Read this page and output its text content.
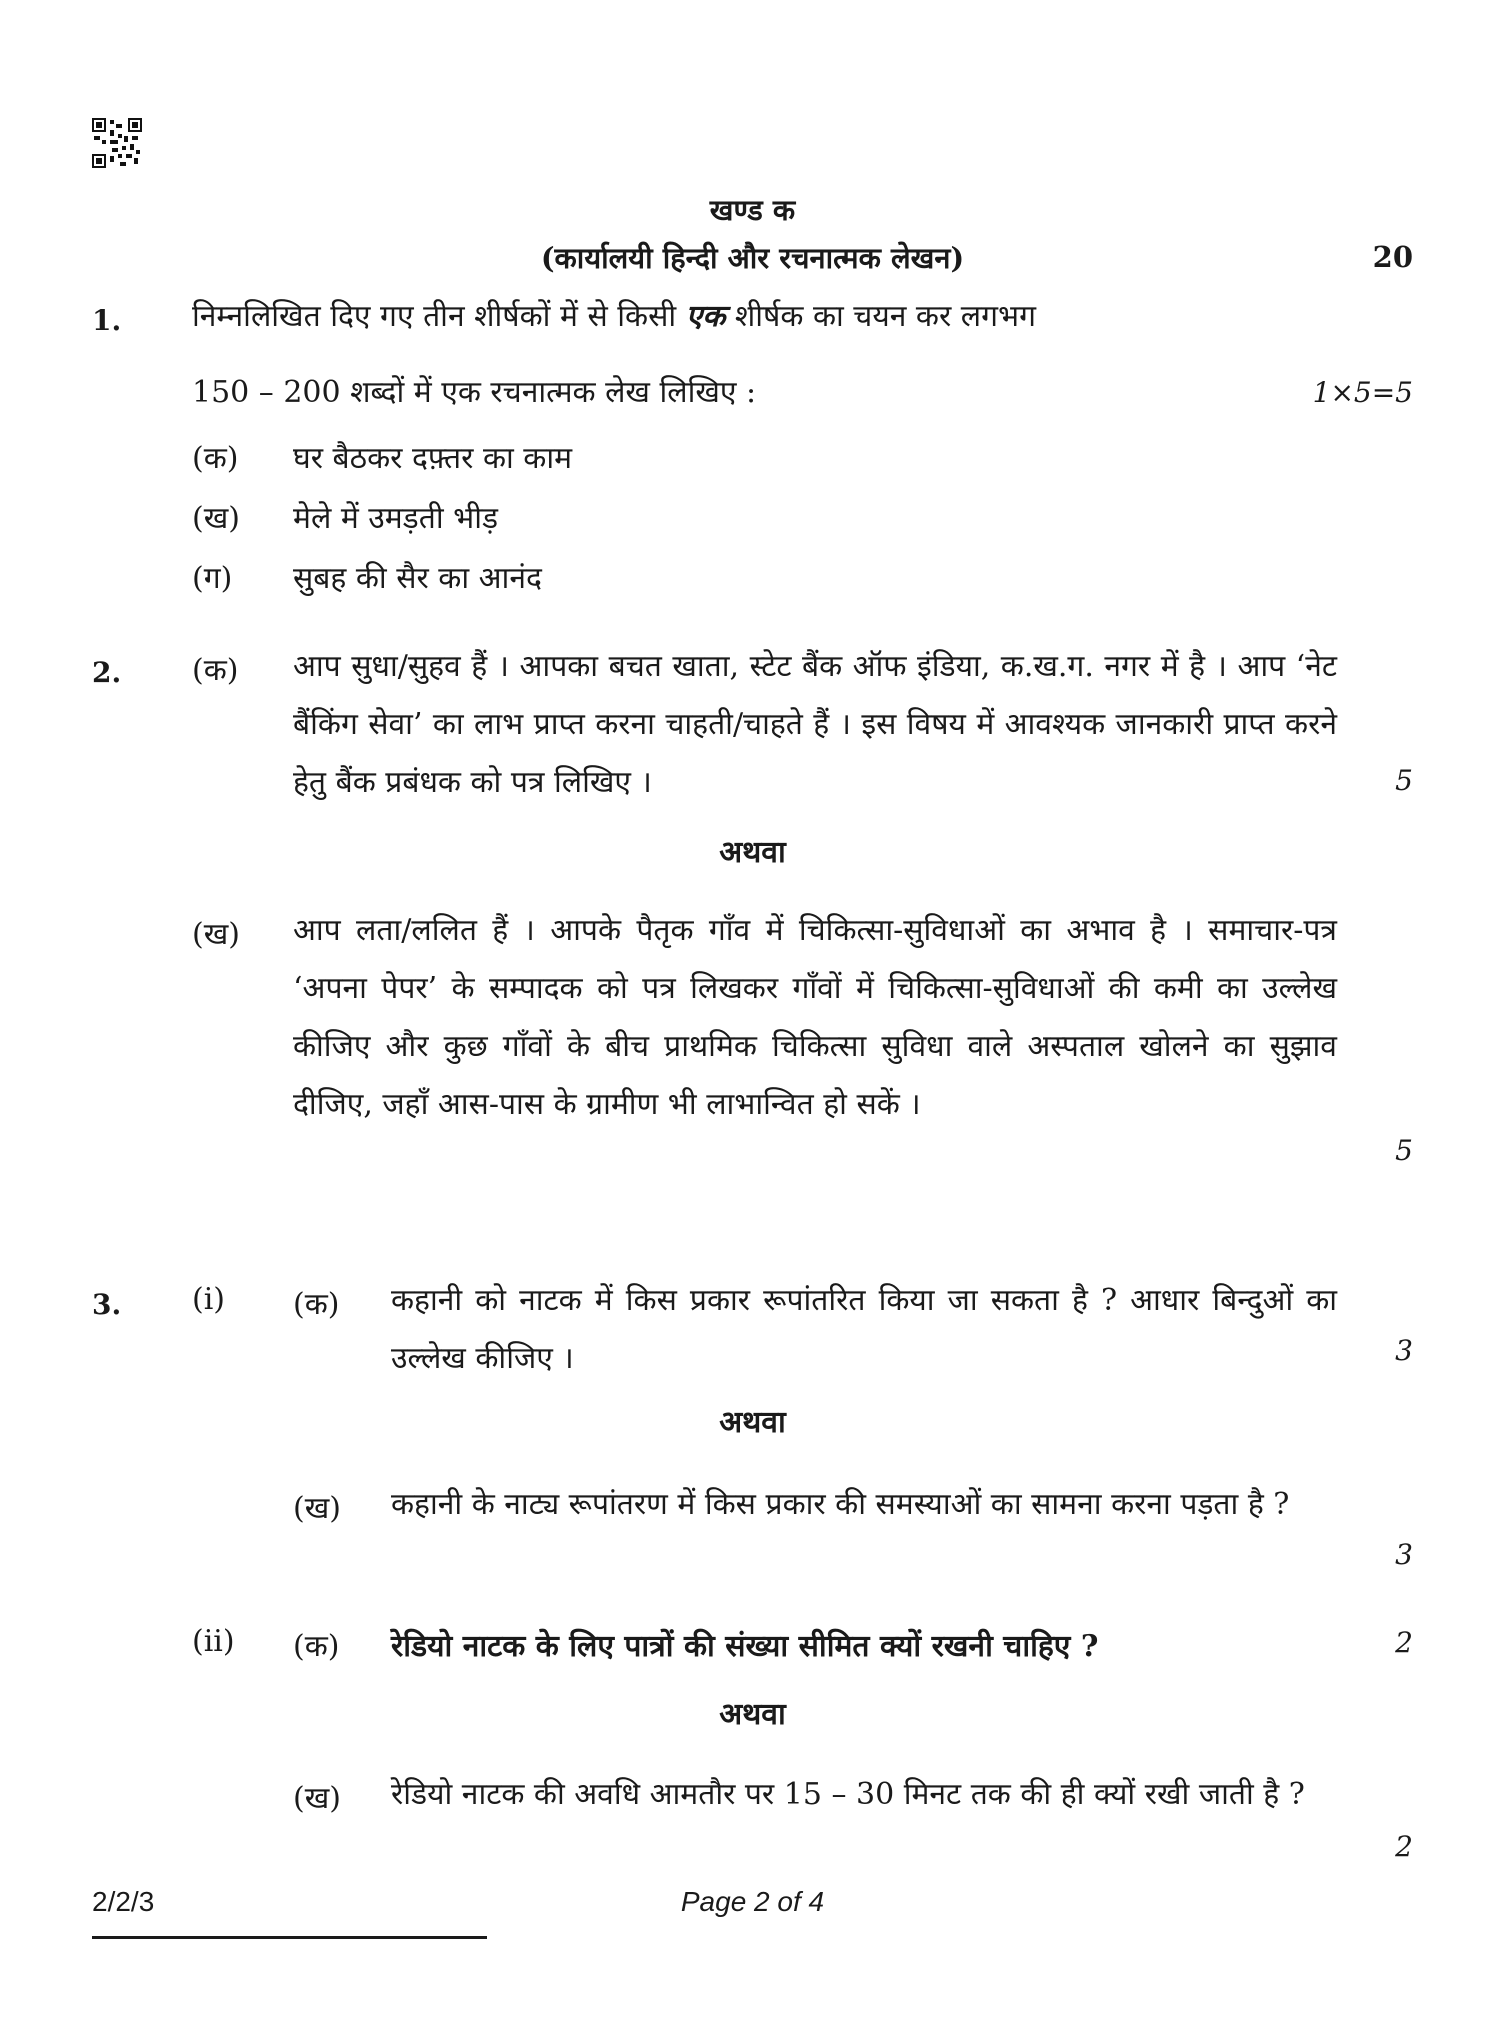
खण्ड क
(कार्यालयी हिन्दी और रचनात्मक लेखन)	20
1. निम्नलिखित दिए गए तीन शीर्षकों में से किसी एक शीर्षक का चयन कर लगभग
150 – 200 शब्दों में एक रचनात्मक लेख लिखिए :	1×5=5
(क) घर बैठकर दफ़्तर का काम
(ख) मेले में उमड़ती भीड़
(ग) सुबह की सैर का आनंद
2. (क) आप सुधा/सुहव हैं । आपका बचत खाता, स्टेट बैंक ऑफ इंडिया, क.ख.ग. नगर में है । आप ‘नेट बैंकिंग सेवा’ का लाभ प्राप्त करना चाहती/चाहते हैं । इस विषय में आवश्यक जानकारी प्राप्त करने हेतु बैंक प्रबंधक को पत्र लिखिए ।	5
अथवा
(ख) आप लता/ललित हैं । आपके पैतृक गाँव में चिकित्सा-सुविधाओं का अभाव है । समाचार-पत्र ‘अपना पेपर’ के सम्पादक को पत्र लिखकर गाँवों में चिकित्सा-सुविधाओं की कमी का उल्लेख कीजिए और कुछ गाँवों के बीच प्राथमिक चिकित्सा सुविधा वाले अस्पताल खोलने का सुझाव दीजिए, जहाँ आस-पास के ग्रामीण भी लाभान्वित हो सकें ।
5
3. (i) (क) कहानी को नाटक में किस प्रकार रूपांतरित किया जा सकता है ? आधार बिन्दुओं का उल्लेख कीजिए ।	3
अथवा
(ख) कहानी के नाट्य रूपांतरण में किस प्रकार की समस्याओं का सामना करना पड़ता है ?
3
(ii) (क) रेडियो नाटक के लिए पात्रों की संख्या सीमित क्यों रखनी चाहिए ?	2
अथवा
(ख) रेडियो नाटक की अवधि आमतौर पर 15 – 30 मिनट तक की ही क्यों रखी जाती है ?
2
2/2/3	Page 2 of 4
